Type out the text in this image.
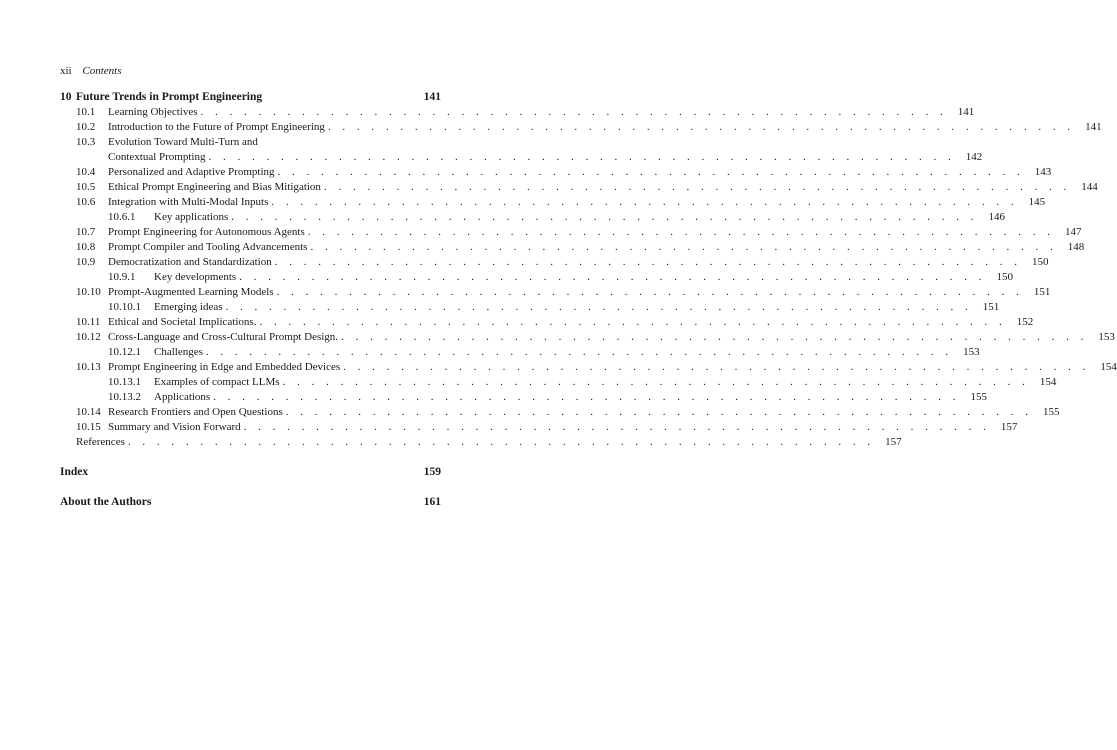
xii Contents
10 Future Trends in Prompt Engineering	141
10.1	Learning Objectives . . . . . . . . . . . . . . . . . . . . . . . . . . . . . . . . . . . . . . . . . . . . . . . . . . . . 141
10.2	Introduction to the Future of Prompt Engineering . . . . . . . . . . . . . . . . . . . . . . . . . . . . . . . . . . . . . . . . . . . . . . . . . . . . 141
10.3	Evolution Toward Multi-Turn and
Contextual Prompting . . . . . . . . . . . . . . . . . . . . . . . . . . . . . . . . . . . . . . . . . . . . . . . . . . . . 142
10.4	Personalized and Adaptive Prompting . . . . . . . . . . . . . . . . . . . . . . . . . . . . . . . . . . . . . . . . . . . . . . . . . . . . 143
10.5	Ethical Prompt Engineering and Bias Mitigation . . . . . . . . . . . . . . . . . . . . . . . . . . . . . . . . . . . . . . . . . . . . . . . . . . . . 144
10.6	Integration with Multi-Modal Inputs . . . . . . . . . . . . . . . . . . . . . . . . . . . . . . . . . . . . . . . . . . . . . . . . . . . . 145
10.6.1	Key applications . . . . . . . . . . . . . . . . . . . . . . . . . . . . . . . . . . . . . . . . . . . . . . . . . . . . 146
10.7	Prompt Engineering for Autonomous Agents . . . . . . . . . . . . . . . . . . . . . . . . . . . . . . . . . . . . . . . . . . . . . . . . . . . . 147
10.8	Prompt Compiler and Tooling Advancements . . . . . . . . . . . . . . . . . . . . . . . . . . . . . . . . . . . . . . . . . . . . . . . . . . . . 148
10.9	Democratization and Standardization . . . . . . . . . . . . . . . . . . . . . . . . . . . . . . . . . . . . . . . . . . . . . . . . . . . . 150
10.9.1	Key developments . . . . . . . . . . . . . . . . . . . . . . . . . . . . . . . . . . . . . . . . . . . . . . . . . . . . 150
10.10 Prompt-Augmented Learning Models . . . . . . . . . . . . . . . . . . . . . . . . . . . . . . . . . . . . . . . . . . . . . . . . . . . . 151
10.10.1	Emerging ideas . . . . . . . . . . . . . . . . . . . . . . . . . . . . . . . . . . . . . . . . . . . . . . . . . . . . 151
10.11 Ethical and Societal Implications. . . . . . . . . . . . . . . . . . . . . . . . . . . . . . . . . . . . . . . . . . . . . . . . . . . . . 152
10.12 Cross-Language and Cross-Cultural Prompt Design. . . . . . . . . . . . . . . . . . . . . . . . . . . . . . . . . . . . . . . . . . . . . . . . . . . . . 153
10.12.1	Challenges . . . . . . . . . . . . . . . . . . . . . . . . . . . . . . . . . . . . . . . . . . . . . . . . . . . . 153
10.13 Prompt Engineering in Edge and Embedded Devices . . . . . . . . . . . . . . . . . . . . . . . . . . . . . . . . . . . . . . . . . . . . . . . . . . . . 154
10.13.1	Examples of compact LLMs . . . . . . . . . . . . . . . . . . . . . . . . . . . . . . . . . . . . . . . . . . . . . . . . . . . . 154
10.13.2	Applications . . . . . . . . . . . . . . . . . . . . . . . . . . . . . . . . . . . . . . . . . . . . . . . . . . . . 155
10.14 Research Frontiers and Open Questions . . . . . . . . . . . . . . . . . . . . . . . . . . . . . . . . . . . . . . . . . . . . . . . . . . . . 155
10.15 Summary and Vision Forward . . . . . . . . . . . . . . . . . . . . . . . . . . . . . . . . . . . . . . . . . . . . . . . . . . . . 157
References . . . . . . . . . . . . . . . . . . . . . . . . . . . . . . . . . . . . . . . . . . . . . . . . . . . . 157
Index	159
About the Authors	161
